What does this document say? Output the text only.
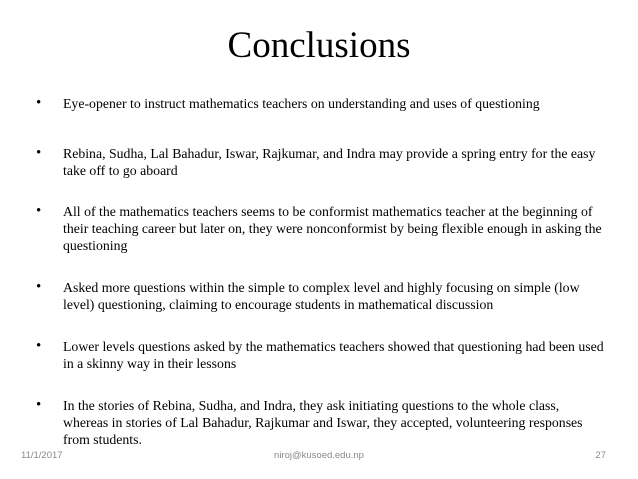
Conclusions
• Eye-opener to instruct mathematics teachers on understanding and uses of questioning
• Rebina, Sudha, Lal Bahadur, Iswar, Rajkumar, and Indra may provide a spring entry for the easy take off to go aboard
• All of the mathematics teachers seems to be conformist mathematics teacher at the beginning of their teaching career but later on, they were nonconformist by being flexible enough in asking the questioning
• Asked more questions within the simple to complex level and highly focusing on simple (low level) questioning, claiming to encourage students in mathematical discussion
• Lower levels questions asked by the mathematics teachers showed that questioning had been used in a skinny way in their lessons
• In the stories of Rebina, Sudha, and Indra, they ask initiating questions to the whole class, whereas in stories of Lal Bahadur, Rajkumar and Iswar, they accepted, volunteering responses from students.
11/1/2017	niroj@kusoed.edu.np	27
